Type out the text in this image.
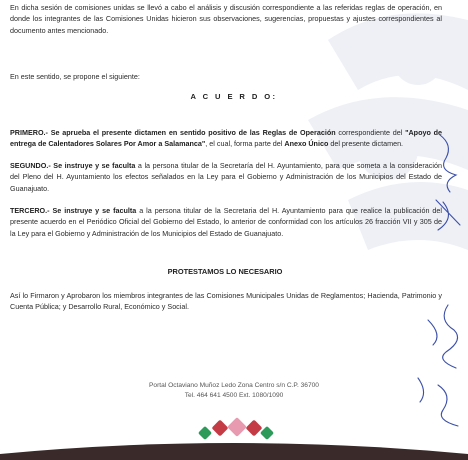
En dicha sesión de comisiones unidas se llevó a cabo el análisis y discusión correspondiente a las referidas reglas de operación, en donde los integrantes de las Comisiones Unidas hicieron sus observaciones, sugerencias, propuestas y ajustes correspondientes al documento antes mencionado.
En este sentido, se propone el siguiente:
A C U E R D O:
PRIMERO.- Se aprueba el presente dictamen en sentido positivo de las Reglas de Operación correspondiente del "Apoyo de entrega de Calentadores Solares Por Amor a Salamanca", el cual, forma parte del Anexo Único del presente dictamen.
SEGUNDO.- Se instruye y se faculta a la persona titular de la Secretaría del H. Ayuntamiento, para que someta a la consideración del Pleno del H. Ayuntamiento los efectos señalados en la Ley para el Gobierno y Administración de los Municipios del Estado de Guanajuato.
TERCERO.- Se instruye y se faculta a la persona titular de la Secretaria del H. Ayuntamiento para que realice la publicación del presente acuerdo en el Periódico Oficial del Gobierno del Estado, lo anterior de conformidad con los artículos 26 fracción VII y 305 de la Ley para el Gobierno y Administración de los Municipios del Estado de Guanajuato.
PROTESTAMOS LO NECESARIO
Así lo Firmaron y Aprobaron los miembros integrantes de las Comisiones Municipales Unidas de Reglamentos; Hacienda, Patrimonio y Cuenta Pública; y Desarrollo Rural, Económico y Social.
Portal Octaviano Muñoz Ledo Zona Centro s/n C.P. 36700
Tel. 464 641 4500 Ext. 1080/1090
